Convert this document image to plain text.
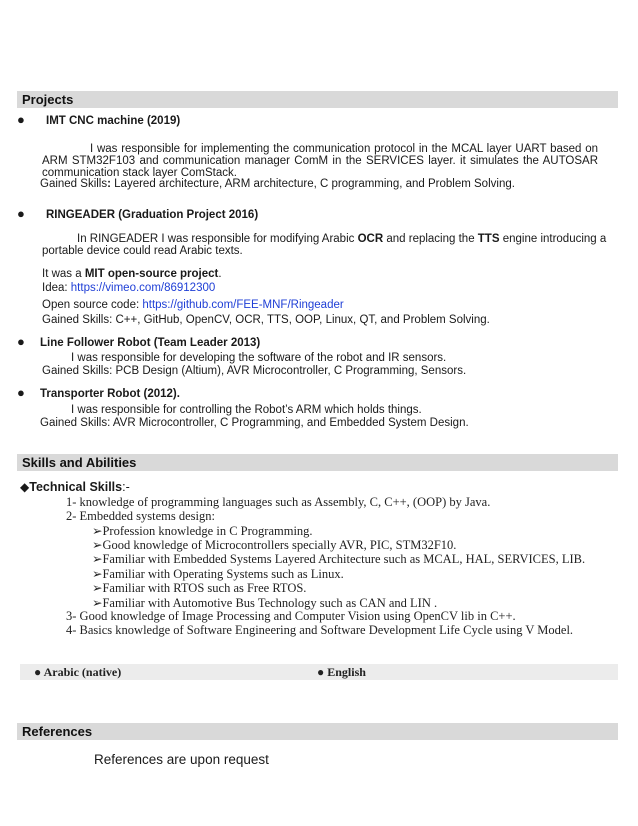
Projects
● IMT CNC machine (2019)
I was responsible for implementing the communication protocol in the MCAL layer UART based on
ARM STM32F103 and communication manager ComM in the SERVICES layer. it simulates the AUTOSAR
communication stack layer ComStack.
Gained Skills: Layered architecture, ARM architecture, C programming, and Problem Solving.
● RINGEADER (Graduation Project 2016)
In RINGEADER I was responsible for modifying Arabic OCR and replacing the TTS engine introducing a
portable device could read Arabic texts.
It was a MIT open-source project.
Idea: https://vimeo.com/86912300
Open source code: https://github.com/FEE-MNF/Ringeader
Gained Skills: C++, GitHub, OpenCV, OCR, TTS, OOP, Linux, QT, and Problem Solving.
● Line Follower Robot (Team Leader 2013)
I was responsible for developing the software of the robot and IR sensors.
Gained Skills: PCB Design (Altium), AVR Microcontroller, C Programming, Sensors.
● Transporter Robot (2012).
I was responsible for controlling the Robot’s ARM which holds things.
Gained Skills: AVR Microcontroller, C Programming, and Embedded System Design.
Skills and Abilities
◆Technical Skills:-
1- knowledge of programming languages such as Assembly, C, C++, (OOP) by Java.
2- Embedded systems design:
➢Profession knowledge in C Programming.
➢Good knowledge of Microcontrollers specially AVR, PIC, STM32F10.
➢Familiar with Embedded Systems Layered Architecture such as MCAL, HAL, SERVICES, LIB.
➢Familiar with Operating Systems such as Linux.
➢Familiar with RTOS such as Free RTOS.
➢Familiar with Automotive Bus Technology such as CAN and LIN .
3- Good knowledge of Image Processing and Computer Vision using OpenCV lib in C++.
4- Basics knowledge of Software Engineering and Software Development Life Cycle using V Model.
● Arabic (native)	● English
References
References are upon request
